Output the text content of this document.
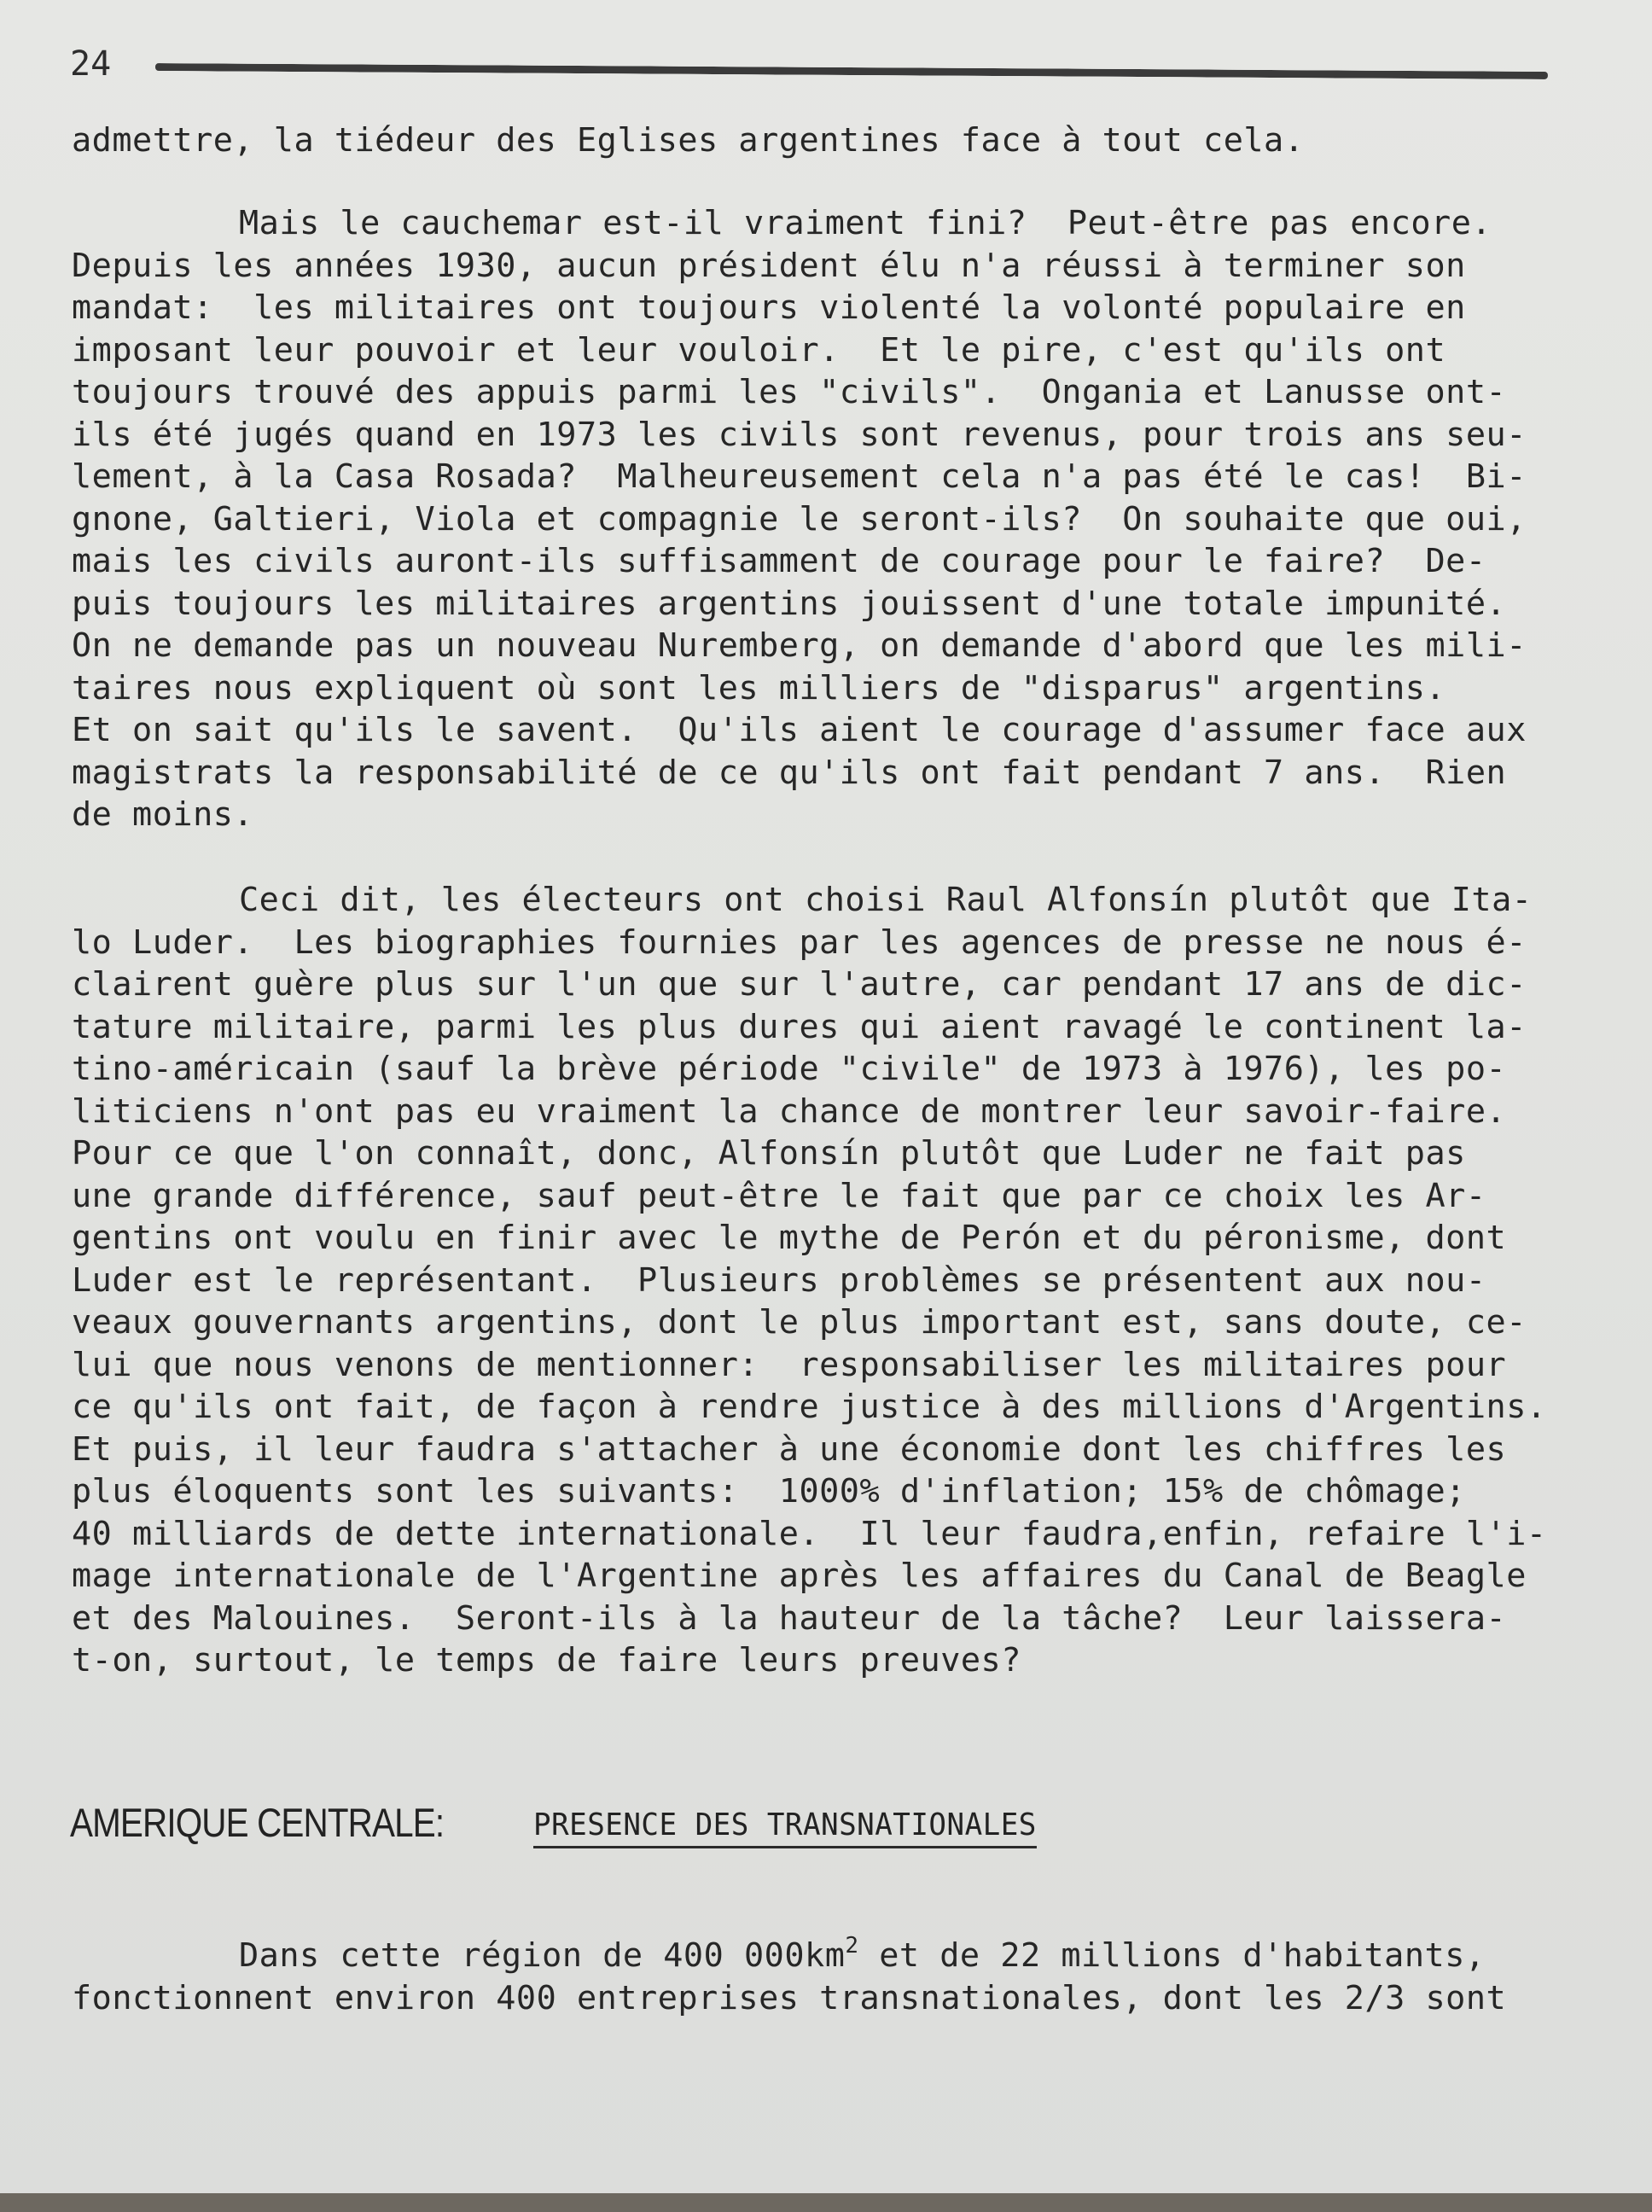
24
admettre, la tiédeur des Eglises argentines face à tout cela.
Mais le cauchemar est-il vraiment fini?  Peut-être pas encore.
Depuis les années 1930, aucun président élu n'a réussi à terminer son
mandat:  les militaires ont toujours violenté la volonté populaire en
imposant leur pouvoir et leur vouloir.  Et le pire, c'est qu'ils ont
toujours trouvé des appuis parmi les "civils".  Ongania et Lanusse ont-
ils été jugés quand en 1973 les civils sont revenus, pour trois ans seu-
lement, à la Casa Rosada?  Malheureusement cela n'a pas été le cas!  Bi-
gnone, Galtieri, Viola et compagnie le seront-ils?  On souhaite que oui,
mais les civils auront-ils suffisamment de courage pour le faire?  De-
puis toujours les militaires argentins jouissent d'une totale impunité.
On ne demande pas un nouveau Nuremberg, on demande d'abord que les mili-
taires nous expliquent où sont les milliers de "disparus" argentins.
Et on sait qu'ils le savent.  Qu'ils aient le courage d'assumer face aux
magistrats la responsabilité de ce qu'ils ont fait pendant 7 ans.  Rien
de moins.
Ceci dit, les électeurs ont choisi Raul Alfonsín plutôt que Ita-
lo Luder.  Les biographies fournies par les agences de presse ne nous é-
clairent guère plus sur l'un que sur l'autre, car pendant 17 ans de dic-
tature militaire, parmi les plus dures qui aient ravagé le continent la-
tino-américain (sauf la brève période "civile" de 1973 à 1976), les po-
liticiens n'ont pas eu vraiment la chance de montrer leur savoir-faire.
Pour ce que l'on connaît, donc, Alfonsín plutôt que Luder ne fait pas
une grande différence, sauf peut-être le fait que par ce choix les Ar-
gentins ont voulu en finir avec le mythe de Perón et du péronisme, dont
Luder est le représentant.  Plusieurs problèmes se présentent aux nou-
veaux gouvernants argentins, dont le plus important est, sans doute, ce-
lui que nous venons de mentionner:  responsabiliser les militaires pour
ce qu'ils ont fait, de façon à rendre justice à des millions d'Argentins.
Et puis, il leur faudra s'attacher à une économie dont les chiffres les
plus éloquents sont les suivants:  1000% d'inflation; 15% de chômage;
40 milliards de dette internationale.  Il leur faudra,enfin, refaire l'i-
mage internationale de l'Argentine après les affaires du Canal de Beagle
et des Malouines.  Seront-ils à la hauteur de la tâche?  Leur laissera-
t-on, surtout, le temps de faire leurs preuves?
AMERIQUE CENTRALE:	PRESENCE DES TRANSNATIONALES
Dans cette région de 400 $000km^2$ et de 22 millions d'habitants,
fonctionnent environ 400 entreprises transnationales, dont les 2/3 sont
